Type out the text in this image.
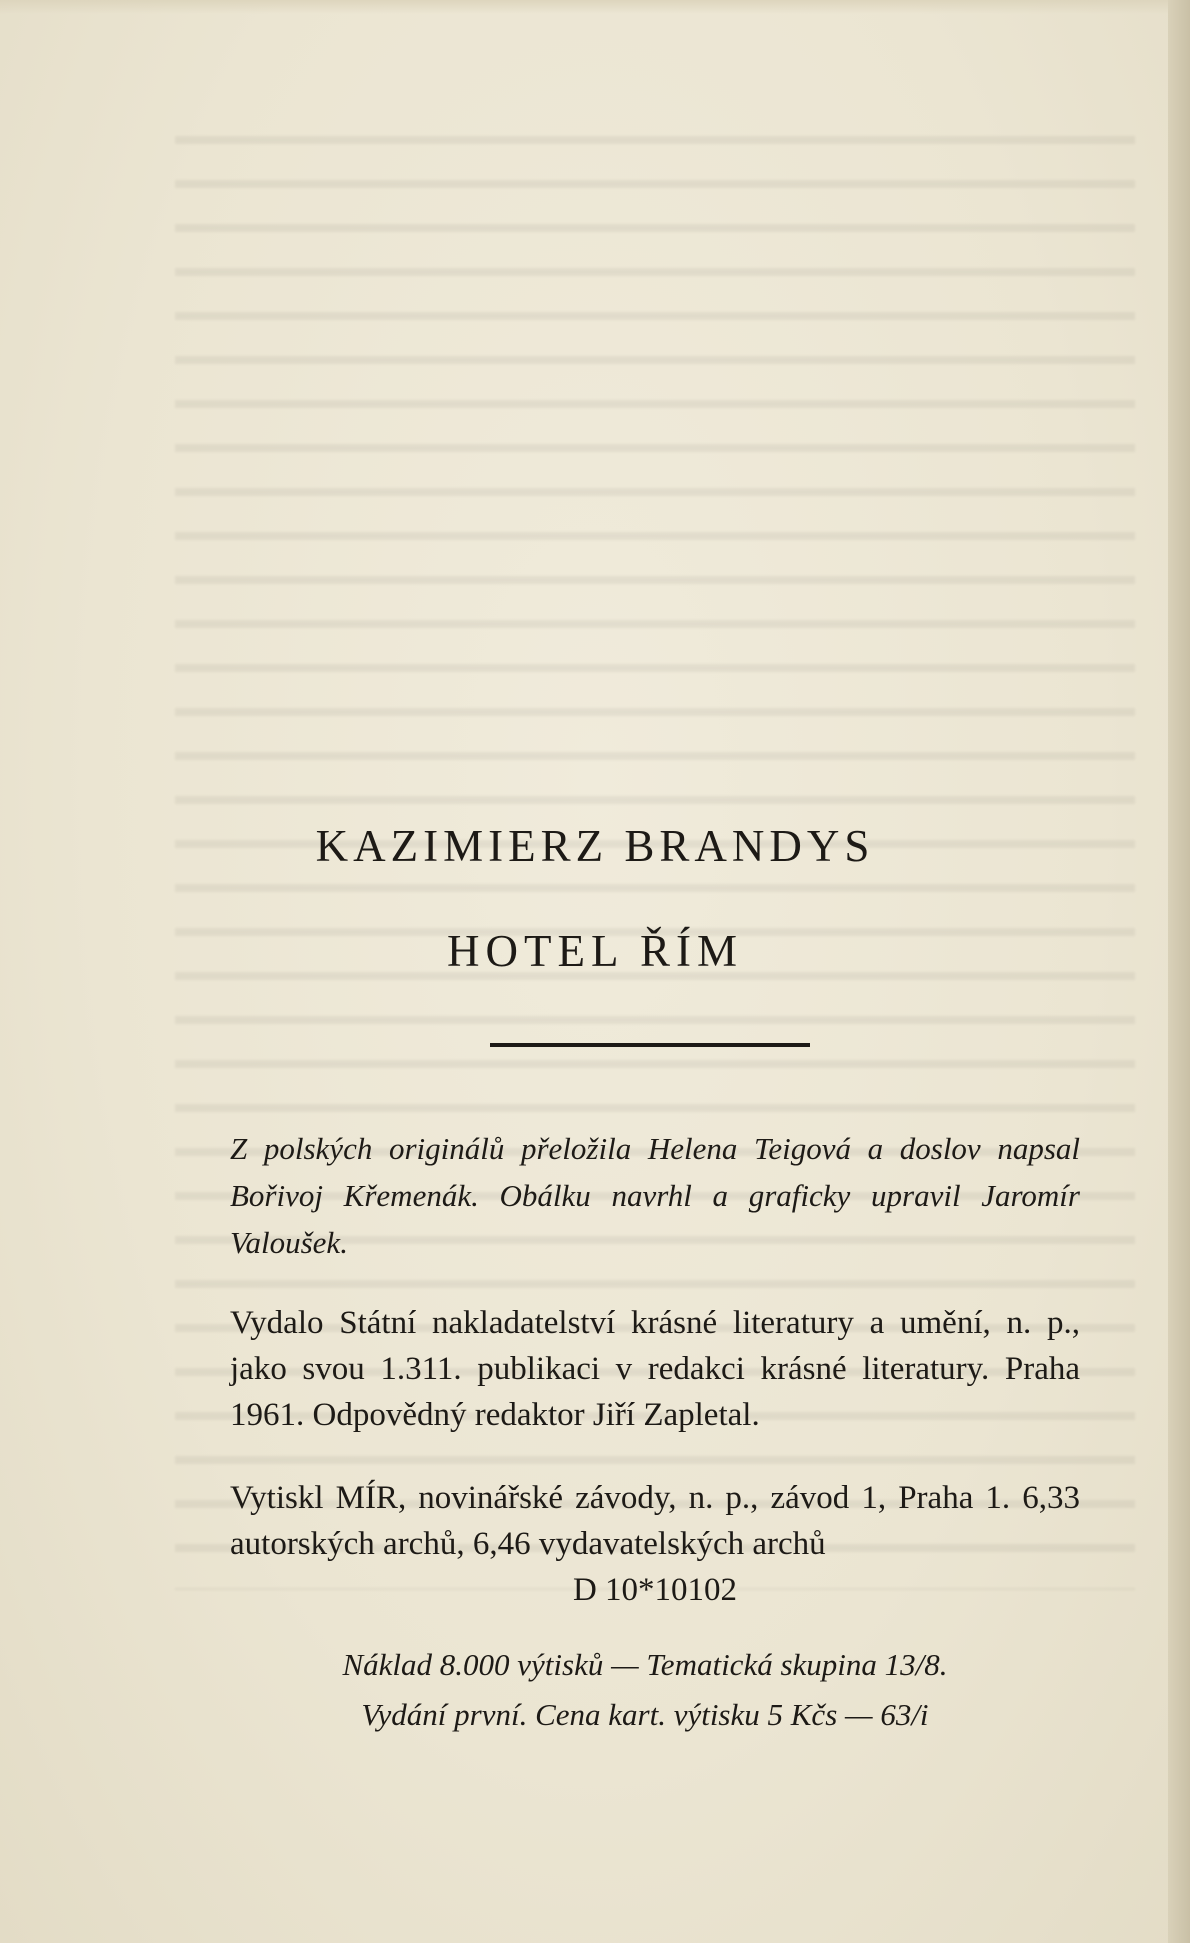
KAZIMIERZ BRANDYS
HOTEL ŘÍM

Z polských originálů přeložila Helena Teigová a doslov napsal Bořivoj Křemenák. Obálku navrhl a graficky upravil Jaromír Valoušek.

Vydalo Státní nakladatelství krásné literatury a umění, n. p., jako svou 1.311. publikaci v redakci krásné literatury. Praha 1961. Odpovědný redaktor Jiří Zapletal.

Vytiskl MÍR, novinářské závody, n. p., závod 1, Praha 1. 6,33 autorských archů, 6,46 vydavatelských archů

D 10*10102

Náklad 8.000 výtisků — Tematická skupina 13/8.
Vydání první. Cena kart. výtisku 5 Kčs — 63/i
